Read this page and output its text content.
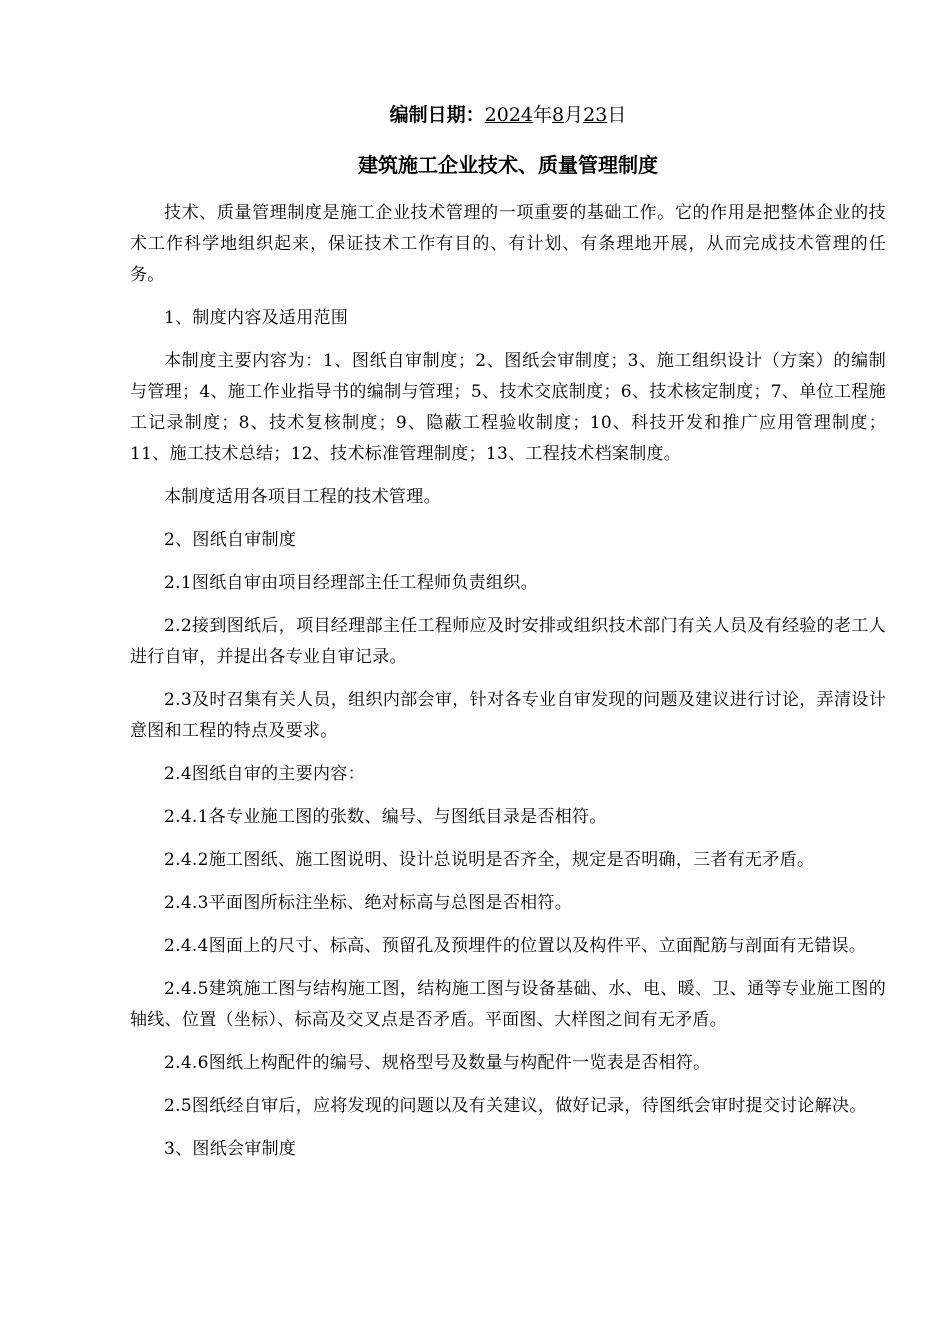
编制日期：2024年8月23日
建筑施工企业技术、质量管理制度

技术、质量管理制度是施工企业技术管理的一项重要的基础工作。它的作用是把整体企业的技术工作科学地组织起来，保证技术工作有目的、有计划、有条理地开展，从而完成技术管理的任务。

1、制度内容及适用范围

本制度主要内容为：1、图纸自审制度；2、图纸会审制度；3、施工组织设计（方案）的编制与管理；4、施工作业指导书的编制与管理；5、技术交底制度；6、技术核定制度；7、单位工程施工记录制度；8、技术复核制度；9、隐蔽工程验收制度；10、科技开发和推广应用管理制度；11、施工技术总结；12、技术标准管理制度；13、工程技术档案制度。

本制度适用各项目工程的技术管理。

2、图纸自审制度

2.1图纸自审由项目经理部主任工程师负责组织。

2.2接到图纸后，项目经理部主任工程师应及时安排或组织技术部门有关人员及有经验的老工人进行自审，并提出各专业自审记录。

2.3及时召集有关人员，组织内部会审，针对各专业自审发现的问题及建议进行讨论，弄清设计意图和工程的特点及要求。

2.4图纸自审的主要内容：

2.4.1各专业施工图的张数、编号、与图纸目录是否相符。

2.4.2施工图纸、施工图说明、设计总说明是否齐全，规定是否明确，三者有无矛盾。

2.4.3平面图所标注坐标、绝对标高与总图是否相符。

2.4.4图面上的尺寸、标高、预留孔及预埋件的位置以及构件平、立面配筋与剖面有无错误。

2.4.5建筑施工图与结构施工图，结构施工图与设备基础、水、电、暖、卫、通等专业施工图的轴线、位置（坐标）、标高及交叉点是否矛盾。平面图、大样图之间有无矛盾。

2.4.6图纸上构配件的编号、规格型号及数量与构配件一览表是否相符。

2.5图纸经自审后，应将发现的问题以及有关建议，做好记录，待图纸会审时提交讨论解决。

3、图纸会审制度
